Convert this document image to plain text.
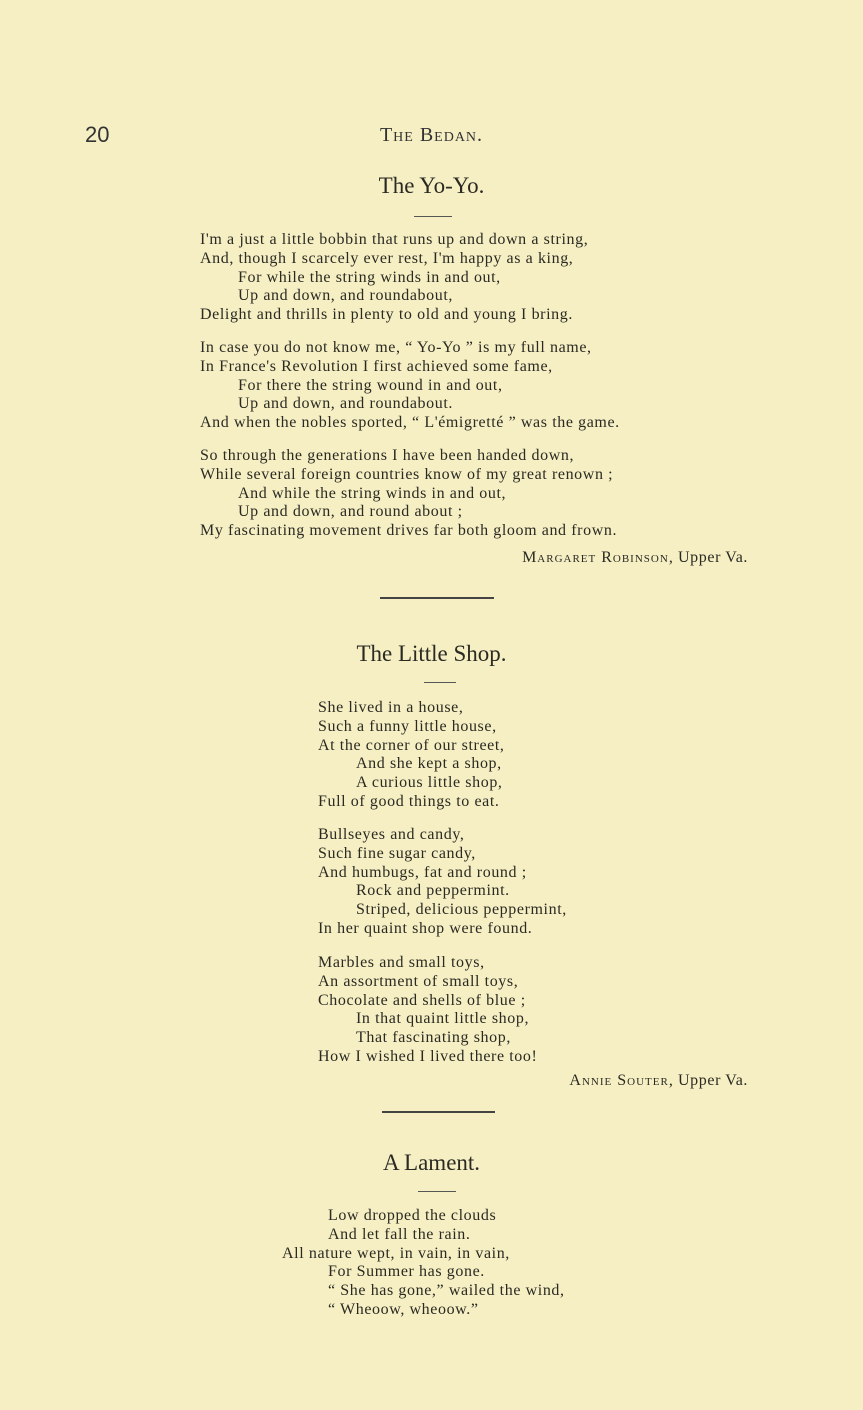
20	The Bedan.
The Yo-Yo.
I'm a just a little bobbin that runs up and down a string,
And, though I scarcely ever rest, I'm happy as a king,
For while the string winds in and out,
Up and down, and roundabout,
Delight and thrills in plenty to old and young I bring.
In case you do not know me, “ Yo-Yo ” is my full name,
In France's Revolution I first achieved some fame,
For there the string wound in and out,
Up and down, and roundabout.
And when the nobles sported, “ L'émigretté ” was the game.
So through the generations I have been handed down,
While several foreign countries know of my great renown ;
And while the string winds in and out,
Up and down, and round about ;
My fascinating movement drives far both gloom and frown.
Margaret Robinson, Upper Va.
The Little Shop.
She lived in a house,
Such a funny little house,
At the corner of our street,
And she kept a shop,
A curious little shop,
Full of good things to eat.
Bullseyes and candy,
Such fine sugar candy,
And humbugs, fat and round ;
Rock and peppermint.
Striped, delicious peppermint,
In her quaint shop were found.
Marbles and small toys,
An assortment of small toys,
Chocolate and shells of blue ;
In that quaint little shop,
That fascinating shop,
How I wished I lived there too!
Annie Souter, Upper Va.
A Lament.
Low dropped the clouds
And let fall the rain.
All nature wept, in vain, in vain,
For Summer has gone.
“ She has gone,” wailed the wind,
“ Wheoow, wheoow.”
